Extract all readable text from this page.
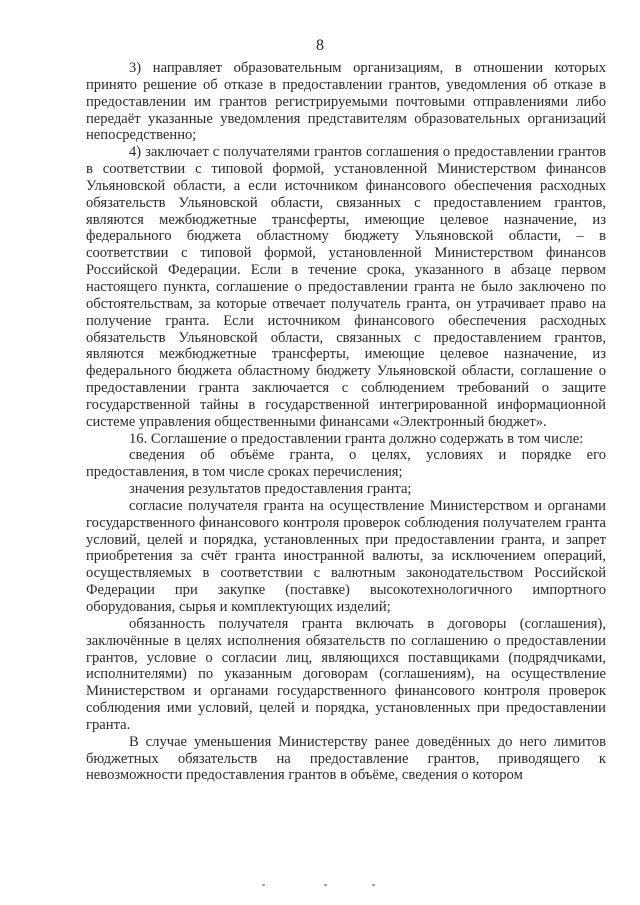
8

3) направляет образовательным организациям, в отношении которых принято решение об отказе в предоставлении грантов, уведомления об отказе в предоставлении им грантов регистрируемыми почтовыми отправлениями либо передаёт указанные уведомления представителям образовательных организаций непосредственно;

4) заключает с получателями грантов соглашения о предоставлении грантов в соответствии с типовой формой, установленной Министерством финансов Ульяновской области, а если источником финансового обеспечения расходных обязательств Ульяновской области, связанных с предоставлением грантов, являются межбюджетные трансферты, имеющие целевое назначение, из федерального бюджета областному бюджету Ульяновской области, – в соответствии с типовой формой, установленной Министерством финансов Российской Федерации. Если в течение срока, указанного в абзаце первом настоящего пункта, соглашение о предоставлении гранта не было заключено по обстоятельствам, за которые отвечает получатель гранта, он утрачивает право на получение гранта. Если источником финансового обеспечения расходных обязательств Ульяновской области, связанных с предоставлением грантов, являются межбюджетные трансферты, имеющие целевое назначение, из федерального бюджета областному бюджету Ульяновской области, соглашение о предоставлении гранта заключается с соблюдением требований о защите государственной тайны в государственной интегрированной информационной системе управления общественными финансами «Электронный бюджет».

16. Соглашение о предоставлении гранта должно содержать в том числе:

сведения об объёме гранта, о целях, условиях и порядке его предоставления, в том числе сроках перечисления;

значения результатов предоставления гранта;

согласие получателя гранта на осуществление Министерством и органами государственного финансового контроля проверок соблюдения получателем гранта условий, целей и порядка, установленных при предоставлении гранта, и запрет приобретения за счёт гранта иностранной валюты, за исключением операций, осуществляемых в соответствии с валютным законодательством Российской Федерации при закупке (поставке) высокотехнологичного импортного оборудования, сырья и комплектующих изделий;

обязанность получателя гранта включать в договоры (соглашения), заключённые в целях исполнения обязательств по соглашению о предоставлении грантов, условие о согласии лиц, являющихся поставщиками (подрядчиками, исполнителями) по указанным договорам (соглашениям), на осуществление Министерством и органами государственного финансового контроля проверок соблюдения ими условий, целей и порядка, установленных при предоставлении гранта.

В случае уменьшения Министерству ранее доведённых до него лимитов бюджетных обязательств на предоставление грантов, приводящего к невозможности предоставления грантов в объёме, сведения о котором
